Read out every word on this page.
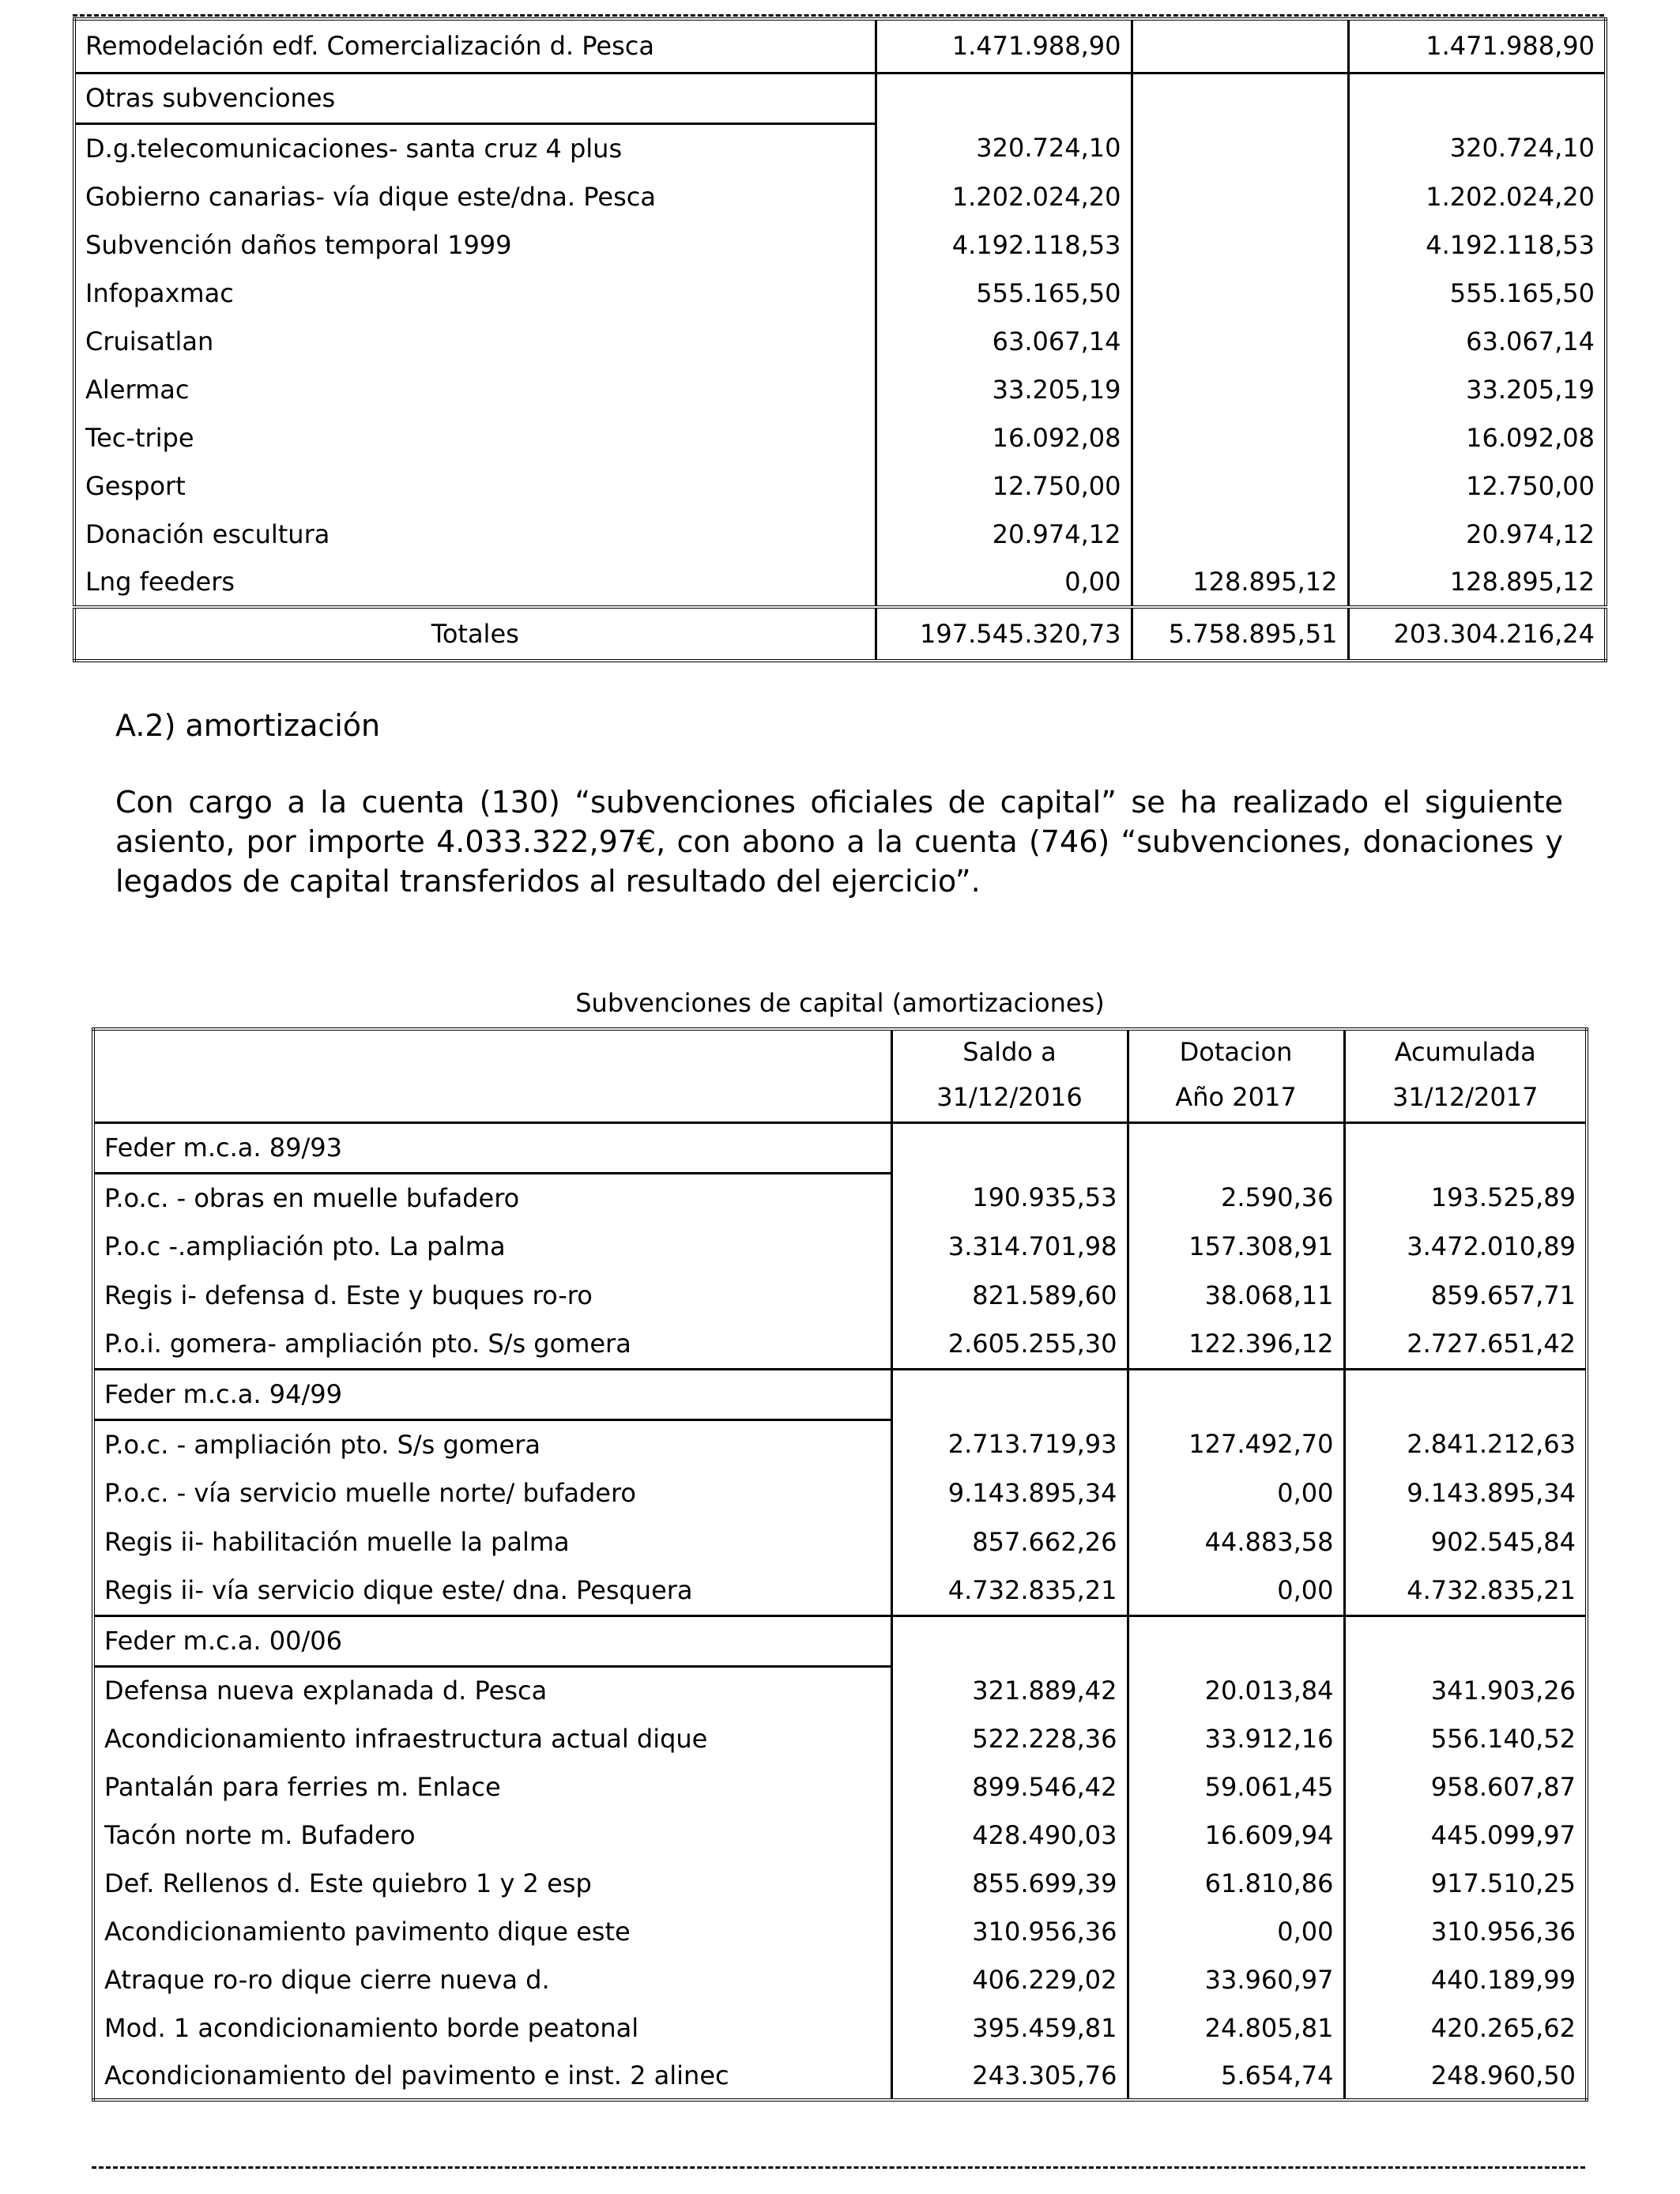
Remodelación edf. Comercialización d. Pesca	1.471.988,90		1.471.988,90
Otras subvenciones			
D.g.telecomunicaciones- santa cruz 4 plus	320.724,10		320.724,10
Gobierno canarias- vía dique este/dna. Pesca	1.202.024,20		1.202.024,20
Subvención daños temporal 1999	4.192.118,53		4.192.118,53
Infopaxmac	555.165,50		555.165,50
Cruisatlan	63.067,14		63.067,14
Alermac	33.205,19		33.205,19
Tec-tripe	16.092,08		16.092,08
Gesport	12.750,00		12.750,00
Donación escultura	20.974,12		20.974,12
Lng feeders	0,00	128.895,12	128.895,12
Totales	197.545.320,73	5.758.895,51	203.304.216,24
A.2) amortización

Con cargo a la cuenta (130) “subvenciones oficiales de capital” se ha realizado el siguiente asiento, por importe 4.033.322,97€, con abono a la cuenta (746) “subvenciones, donaciones y legados de capital transferidos al resultado del ejercicio”.

Subvenciones de capital (amortizaciones)
	Saldo a	Dotacion	Acumulada
	31/12/2016	Año 2017	31/12/2017
Feder m.c.a. 89/93			
P.o.c. - obras en muelle bufadero	190.935,53	2.590,36	193.525,89
P.o.c -.ampliación pto. La palma	3.314.701,98	157.308,91	3.472.010,89
Regis i- defensa d. Este y buques ro-ro	821.589,60	38.068,11	859.657,71
P.o.i. gomera- ampliación pto. S/s gomera	2.605.255,30	122.396,12	2.727.651,42
Feder m.c.a. 94/99			
P.o.c. - ampliación pto. S/s gomera	2.713.719,93	127.492,70	2.841.212,63
P.o.c. - vía servicio muelle norte/ bufadero	9.143.895,34	0,00	9.143.895,34
Regis ii- habilitación muelle la palma	857.662,26	44.883,58	902.545,84
Regis ii- vía servicio dique este/ dna. Pesquera	4.732.835,21	0,00	4.732.835,21
Feder m.c.a. 00/06			
Defensa nueva explanada d. Pesca	321.889,42	20.013,84	341.903,26
Acondicionamiento infraestructura actual dique	522.228,36	33.912,16	556.140,52
Pantalán para ferries m. Enlace	899.546,42	59.061,45	958.607,87
Tacón norte m. Bufadero	428.490,03	16.609,94	445.099,97
Def. Rellenos d. Este quiebro 1 y 2 esp	855.699,39	61.810,86	917.510,25
Acondicionamiento pavimento dique este	310.956,36	0,00	310.956,36
Atraque ro-ro dique cierre nueva d.	406.229,02	33.960,97	440.189,99
Mod. 1 acondicionamiento borde peatonal	395.459,81	24.805,81	420.265,62
Acondicionamiento del pavimento e inst. 2 alinec	243.305,76	5.654,74	248.960,50
